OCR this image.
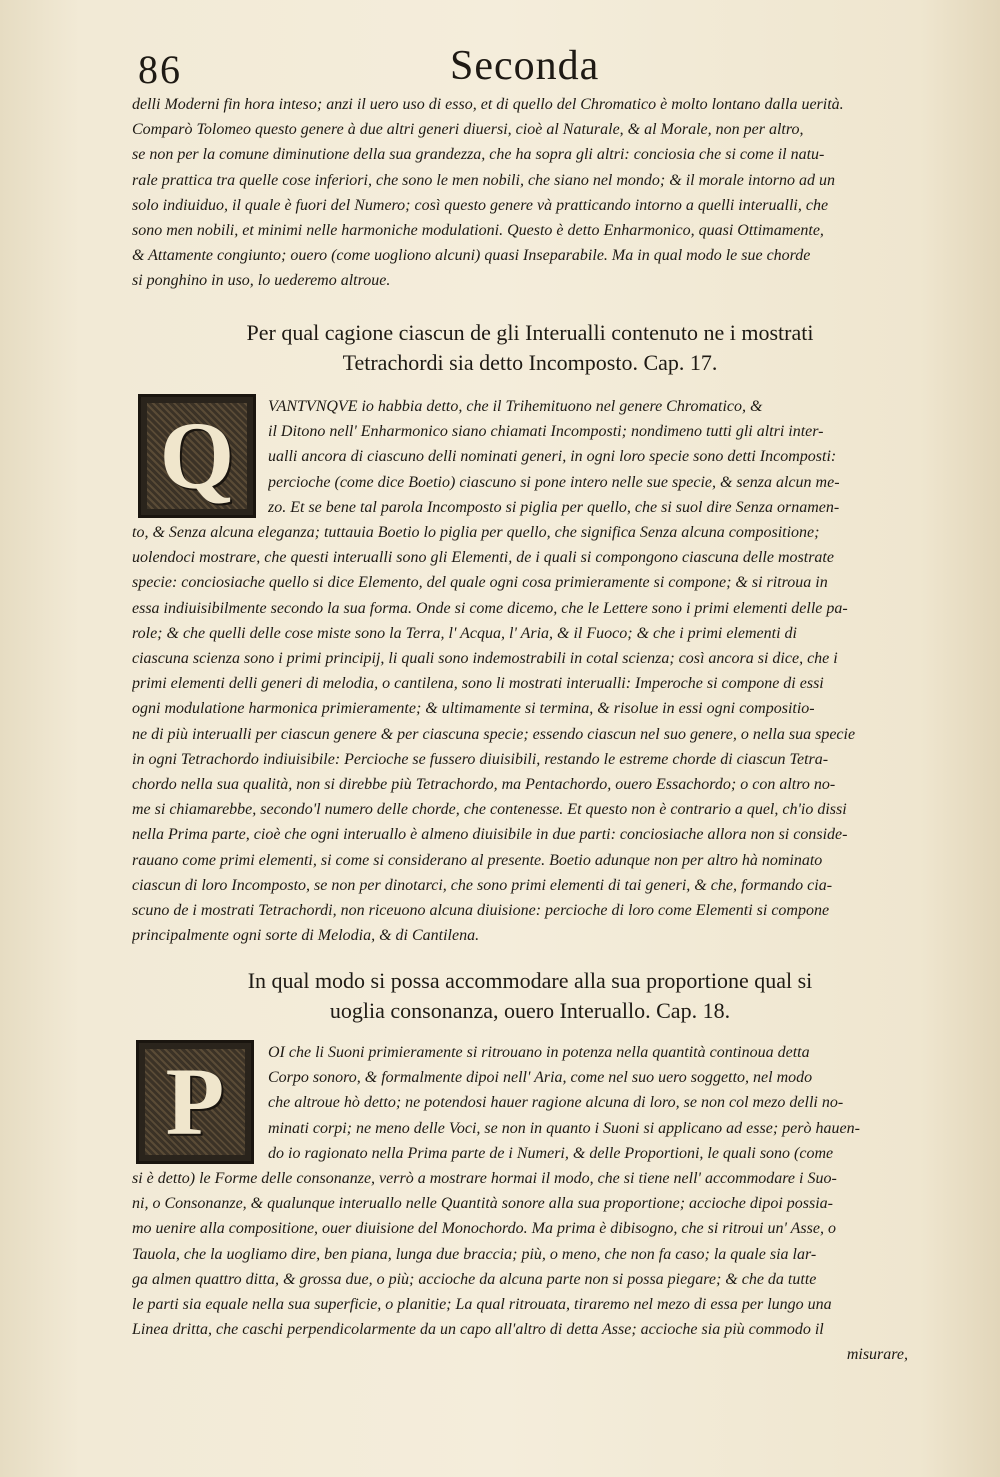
86	Seconda
delli Moderni fin hora inteso; anzi il uero uso di esso, et di quello del Chromatico è molto lontano dalla uerità.
Comparò Tolomeo questo genere à due altri generi diuersi, cioè al Naturale, & al Morale, non per altro,
se non per la comune diminutione della sua grandezza, che ha sopra gli altri: conciosia che si come il natu-
rale prattica tra quelle cose inferiori, che sono le men nobili, che siano nel mondo; & il morale intorno ad un
solo indiuiduo, il quale è fuori del Numero; così questo genere và pratticando intorno a quelli interualli, che
sono men nobili, et minimi nelle harmoniche modulationi. Questo è detto Enharmonico, quasi Ottimamente,
& Attamente congiunto; ouero (come uogliono alcuni) quasi Inseparabile. Ma in qual modo le sue chorde
si ponghino in uso, lo uederemo altroue.
Per qual cagione ciascun de gli Interualli contenuto ne i mostrati
Tetrachordi sia detto Incomposto. Cap. 17.
Q VANTVNQVE io habbia detto, che il Trihemituono nel genere Chromatico, &
il Ditono nell' Enharmonico siano chiamati Incomposti; nondimeno tutti gli altri inter-
ualli ancora di ciascuno delli nominati generi, in ogni loro specie sono detti Incomposti:
percioche (come dice Boetio) ciascuno si pone intero nelle sue specie, & senza alcun me-
zo. Et se bene tal parola Incomposto si piglia per quello, che si suol dire Senza ornamen-
to, & Senza alcuna eleganza; tuttauia Boetio lo piglia per quello, che significa Senza alcuna compositione;
uolendoci mostrare, che questi interualli sono gli Elementi, de i quali si compongono ciascuna delle mostrate
specie: conciosiache quello si dice Elemento, del quale ogni cosa primieramente si compone; & si ritroua in
essa indiuisibilmente secondo la sua forma. Onde si come dicemo, che le Lettere sono i primi elementi delle pa-
role; & che quelli delle cose miste sono la Terra, l' Acqua, l' Aria, & il Fuoco; & che i primi elementi di
ciascuna scienza sono i primi principij, li quali sono indemostrabili in cotal scienza; così ancora si dice, che i
primi elementi delli generi di melodia, o cantilena, sono li mostrati interualli: Imperoche si compone di essi
ogni modulatione harmonica primieramente; & ultimamente si termina, & risolue in essi ogni compositio-
ne di più interualli per ciascun genere & per ciascuna specie; essendo ciascun nel suo genere, o nella sua specie
in ogni Tetrachordo indiuisibile: Percioche se fussero diuisibili, restando le estreme chorde di ciascun Tetra-
chordo nella sua qualità, non si direbbe più Tetrachordo, ma Pentachordo, ouero Essachordo; o con altro no-
me si chiamarebbe, secondo'l numero delle chorde, che contenesse. Et questo non è contrario a quel, ch'io dissi
nella Prima parte, cioè che ogni interuallo è almeno diuisibile in due parti: conciosiache allora non si conside-
rauano come primi elementi, si come si considerano al presente. Boetio adunque non per altro hà nominato
ciascun di loro Incomposto, se non per dinotarci, che sono primi elementi di tai generi, & che, formando cia-
scuno de i mostrati Tetrachordi, non riceuono alcuna diuisione: percioche di loro come Elementi si compone
principalmente ogni sorte di Melodia, & di Cantilena.
In qual modo si possa accommodare alla sua proportione qual si
uoglia consonanza, ouero Interuallo. Cap. 18.
P	OI che li Suoni primieramente si ritrouano in potenza nella quantità continoua detta
Corpo sonoro, & formalmente dipoi nell' Aria, come nel suo uero soggetto, nel modo
che altroue hò detto; ne potendosi hauer ragione alcuna di loro, se non col mezo delli no-
minati corpi; ne meno delle Voci, se non in quanto i Suoni si applicano ad esse; però hauen-
do io ragionato nella Prima parte de i Numeri, & delle Proportioni, le quali sono (come
si è detto) le Forme delle consonanze, verrò a mostrare hormai il modo, che si tiene nell' accommodare i Suo-
ni, o Consonanze, & qualunque interuallo nelle Quantità sonore alla sua proportione; accioche dipoi possia-
mo uenire alla compositione, ouer diuisione del Monochordo. Ma prima è dibisogno, che si ritroui un' Asse, o
Tauola, che la uogliamo dire, ben piana, lunga due braccia; più, o meno, che non fa caso; la quale sia lar-
ga almen quattro ditta, & grossa due, o più; accioche da alcuna parte non si possa piegare; & che da tutte
le parti sia equale nella sua superficie, o planitie; La qual ritrouata, tiraremo nel mezo di essa per lungo una
Linea dritta, che caschi perpendicolarmente da un capo all'altro di detta Asse; accioche sia più commodo il
misurare,
